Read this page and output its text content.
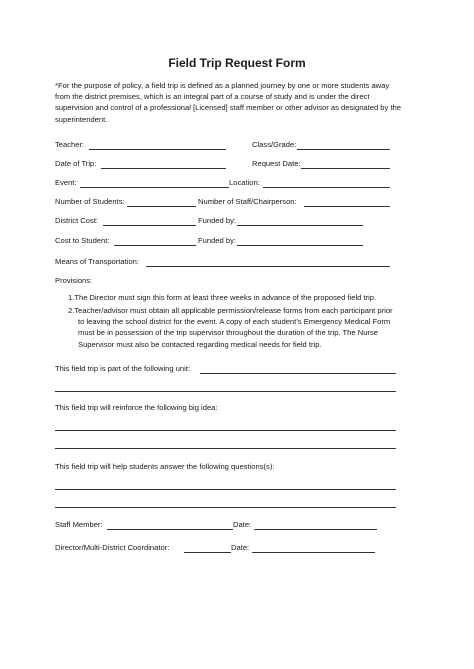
Field Trip Request Form
*For the purpose of policy, a field trip is defined as a planned journey by one or more students away
from the district premises, which is an integral part of a course of study and is under the direct
supervision and control of a professional [Licensed] staff member or other advisor as designated by the
superintendent.
Teacher:	Class/Grade:
Date of Trip:	Request Date:
Event:	Location:
Number of Students:	Number of Staff/Chairperson:
District Cost:	Funded by:
Cost to Student:	Funded by:
Means of Transportation:
Provisions:
1.The Director must sign this form at least three weeks in advance of the proposed field trip.
2.Teacher/advisor must obtain all applicable permission/release forms from each participant prior
to leaving the school district for the event. A copy of each student’s Emergency Medical Form
must be in possession of the trip supervisor throughout the duration of the trip. The Nurse
Supervisor must also be contacted regarding medical needs for field trip.
This field trip is part of the following unit:
This field trip will reinforce the following big idea:
This field trip will help students answer the following questions(s):
Staff Member:	Date:
Director/Multi-District Coordinator:	Date:
